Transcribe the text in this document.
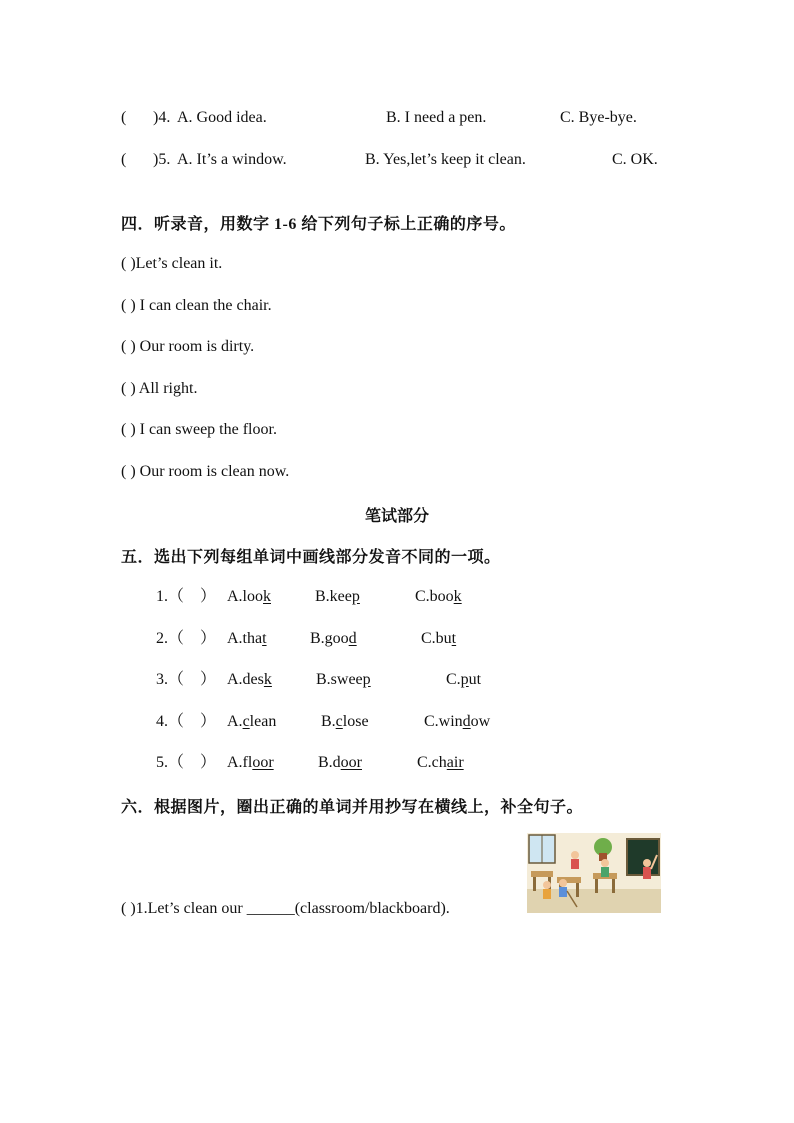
( )4. A. Good idea.	B. I need a pen.	C. Bye-bye.
( )5. A. It’s a window.	B. Yes,let’s keep it clean.	C. OK.
四．听录音，用数字 1-6 给下列句子标上正确的序号。
( )Let’s clean it.
( ) I can clean the chair.
( ) Our room is dirty.
( ) All right.
( ) I can sweep the floor.
( ) Our room is clean now.
笔试部分
五．选出下列每组单词中画线部分发音不同的一项。
1.（　） A.look	B.keep	C.book
2.（　） A.that	B.good	C.but
3.（　） A.desk	B.sweep	C.put
4.（　） A.clean	B.close	C.window
5.（　） A.floor	B.door	C.chair
六．根据图片，圈出正确的单词并用抄写在横线上，补全句子。
( )1.Let’s clean our ______(classroom/blackboard).
